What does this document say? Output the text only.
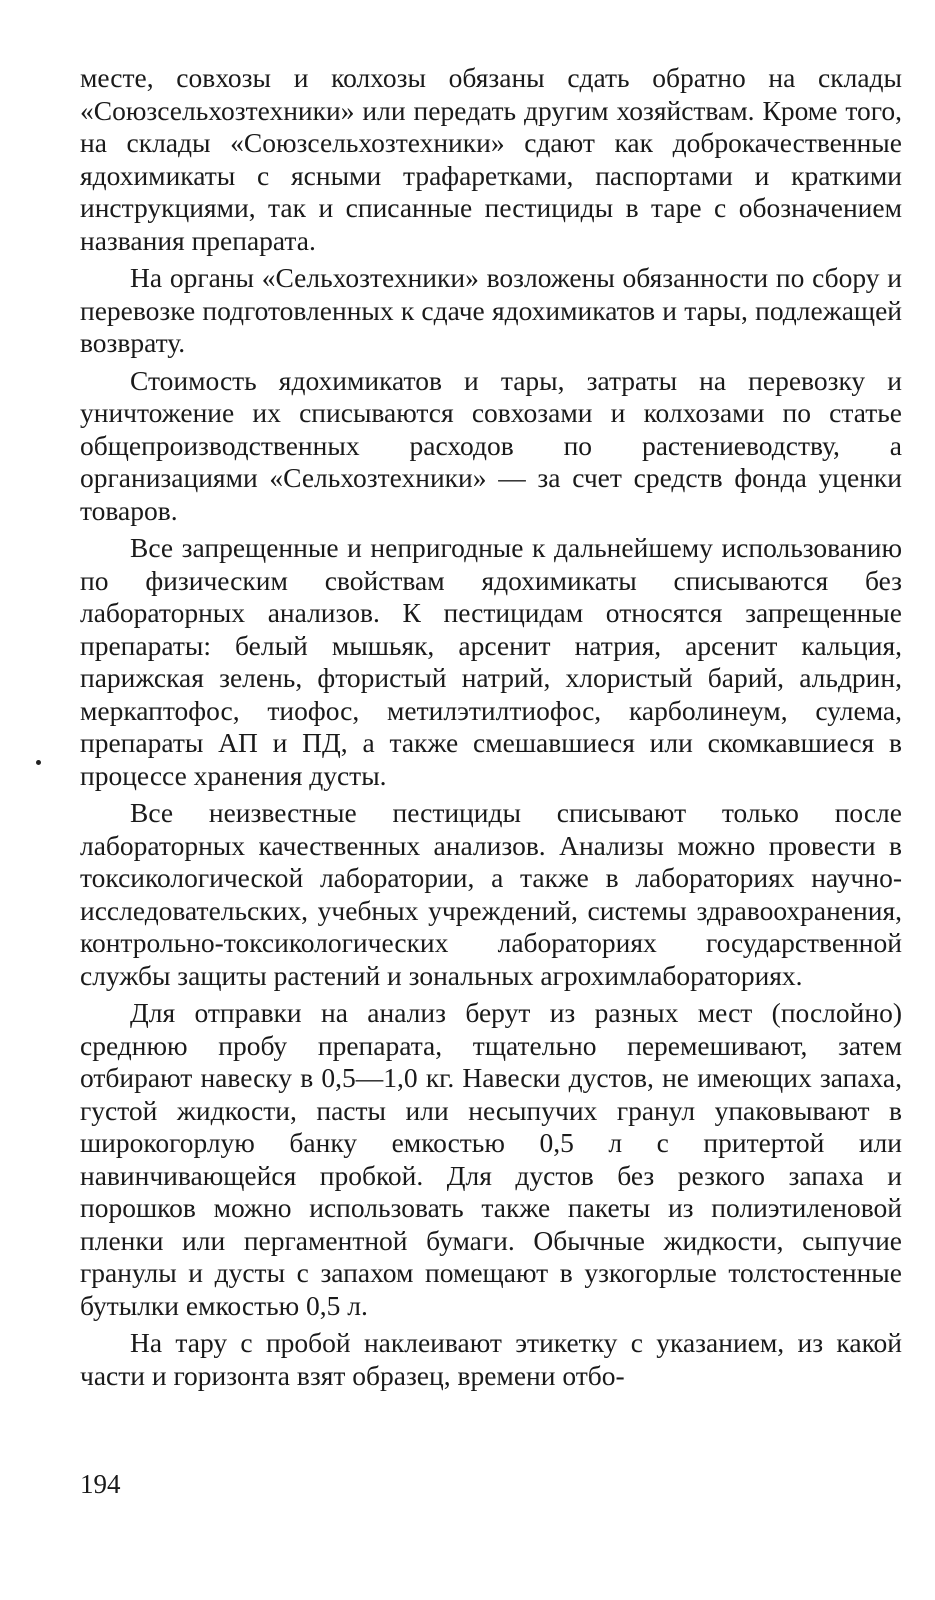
месте, совхозы и колхозы обязаны сдать обратно на склады «Союзсельхозтехники» или передать другим хозяйствам. Кроме того, на склады «Союзсельхозтехники» сдают как доброкачественные ядохимикаты с ясными трафаретками, паспортами и краткими инструкциями, так и списанные пестициды в таре с обозначением названия препарата.

На органы «Сельхозтехники» возложены обязанности по сбору и перевозке подготовленных к сдаче ядохимикатов и тары, подлежащей возврату.

Стоимость ядохимикатов и тары, затраты на перевозку и уничтожение их списываются совхозами и колхозами по статье общепроизводственных расходов по растениеводству, а организациями «Сельхозтехники» — за счет средств фонда уценки товаров.

Все запрещенные и непригодные к дальнейшему использованию по физическим свойствам ядохимикаты списываются без лабораторных анализов. К пестицидам относятся запрещенные препараты: белый мышьяк, арсенит натрия, арсенит кальция, парижская зелень, фтористый натрий, хлористый барий, альдрин, меркаптофос, тиофос, метилэтилтиофос, карболинеум, сулема, препараты АП и ПД, а также смешавшиеся или скомкавшиеся в процессе хранения дусты.

Все неизвестные пестициды списывают только после лабораторных качественных анализов. Анализы можно провести в токсикологической лаборатории, а также в лабораториях научно-исследовательских, учебных учреждений, системы здравоохранения, контрольно-токсикологических лабораториях государственной службы защиты растений и зональных агрохимлабораториях.

Для отправки на анализ берут из разных мест (послойно) среднюю пробу препарата, тщательно перемешивают, затем отбирают навеску в 0,5—1,0 кг. Навески дустов, не имеющих запаха, густой жидкости, пасты или несыпучих гранул упаковывают в широкогорлую банку емкостью 0,5 л с притертой или навинчивающейся пробкой. Для дустов без резкого запаха и порошков можно использовать также пакеты из полиэтиленовой пленки или пергаментной бумаги. Обычные жидкости, сыпучие гранулы и дусты с запахом помещают в узкогорлые толстостенные бутылки емкостью 0,5 л.

На тару с пробой наклеивают этикетку с указанием, из какой части и горизонта взят образец, времени отбо-

194
